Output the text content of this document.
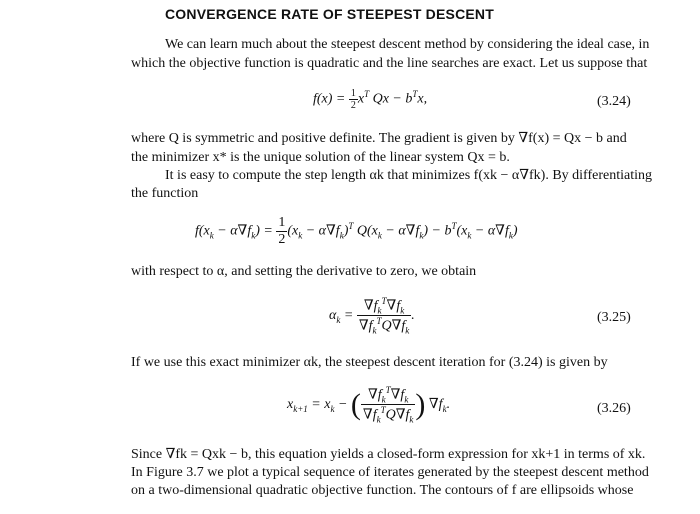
CONVERGENCE RATE OF STEEPEST DESCENT
We can learn much about the steepest descent method by considering the ideal case, in
which the objective function is quadratic and the line searches are exact. Let us suppose that
$f(x) = \frac{1}{2} x^T$ $Qx - b^Tx$,	(3.24)
where Q is symmetric and positive definite. The gradient is given by ∇f(x) = Qx − b and
the minimizer x* is the unique solution of the linear system Qx = b.
It is easy to compute the step length αk that minimizes f(xk − α∇fk). By differentiating
the function
$f(x_k - \alpha\nabla f_k) = \frac{1}{2} (x_k - \alpha\nabla f_k)^T$ $Q(x_k - \alpha\nabla f_k) - b^T(x_k - \alpha\nabla f_k)$
with respect to α, and setting the derivative to zero, we obtain
$\alpha_k = \frac{\nabla f_k^T\nabla f_k}{\nabla f_k^TQ\nabla f_k}$ .	(3.25)
If we use this exact minimizer αk, the steepest descent iteration for (3.24) is given by
$x_{k+1} = x_k$ − ( $\frac{\nabla f_k^T\nabla f_k}{\nabla f_k^TQ\nabla f_k}$ ) $\nabla f_k$.	(3.26)
Since ∇fk = Qxk − b, this equation yields a closed-form expression for xk+1 in terms of xk.
In Figure 3.7 we plot a typical sequence of iterates generated by the steepest descent method
on a two-dimensional quadratic objective function. The contours of f are ellipsoids whose
